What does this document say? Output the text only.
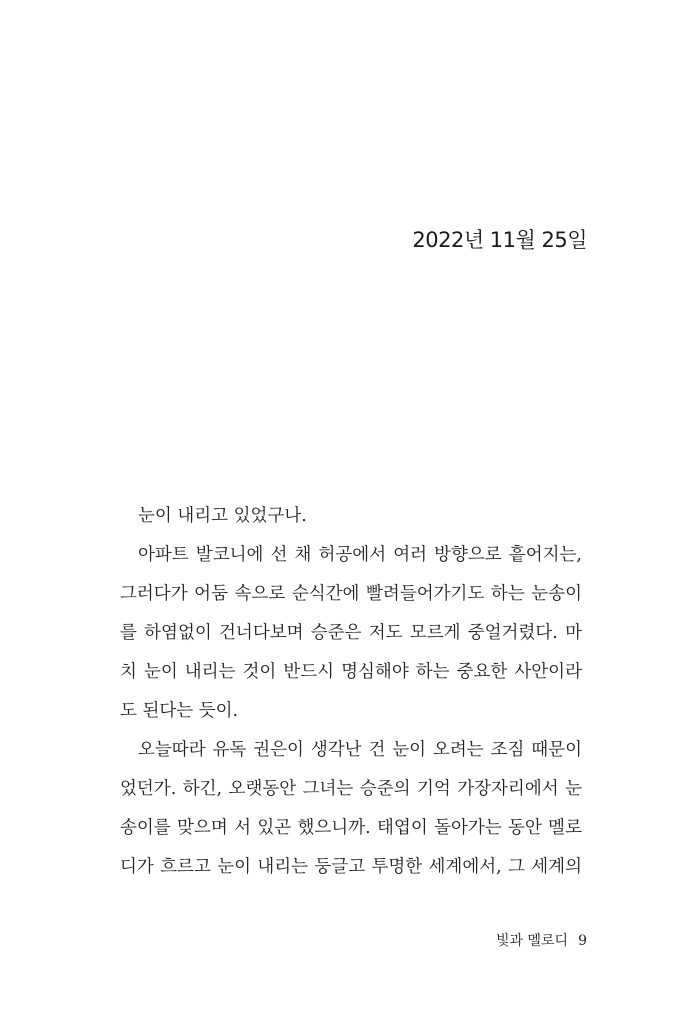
2022년 11월 25일
눈이 내리고 있었구나.
아파트 발코니에 선 채 허공에서 여러 방향으로 흩어지는,
그러다가 어둠 속으로 순식간에 빨려들어가기도 하는 눈송이
를 하염없이 건너다보며 승준은 저도 모르게 중얼거렸다. 마
치 눈이 내리는 것이 반드시 명심해야 하는 중요한 사안이라
도 된다는 듯이.
오늘따라 유독 권은이 생각난 건 눈이 오려는 조짐 때문이
었던가. 하긴, 오랫동안 그녀는 승준의 기억 가장자리에서 눈
송이를 맞으며 서 있곤 했으니까. 태엽이 돌아가는 동안 멜로
디가 흐르고 눈이 내리는 둥글고 투명한 세계에서, 그 세계의
빛과 멜로디 9
